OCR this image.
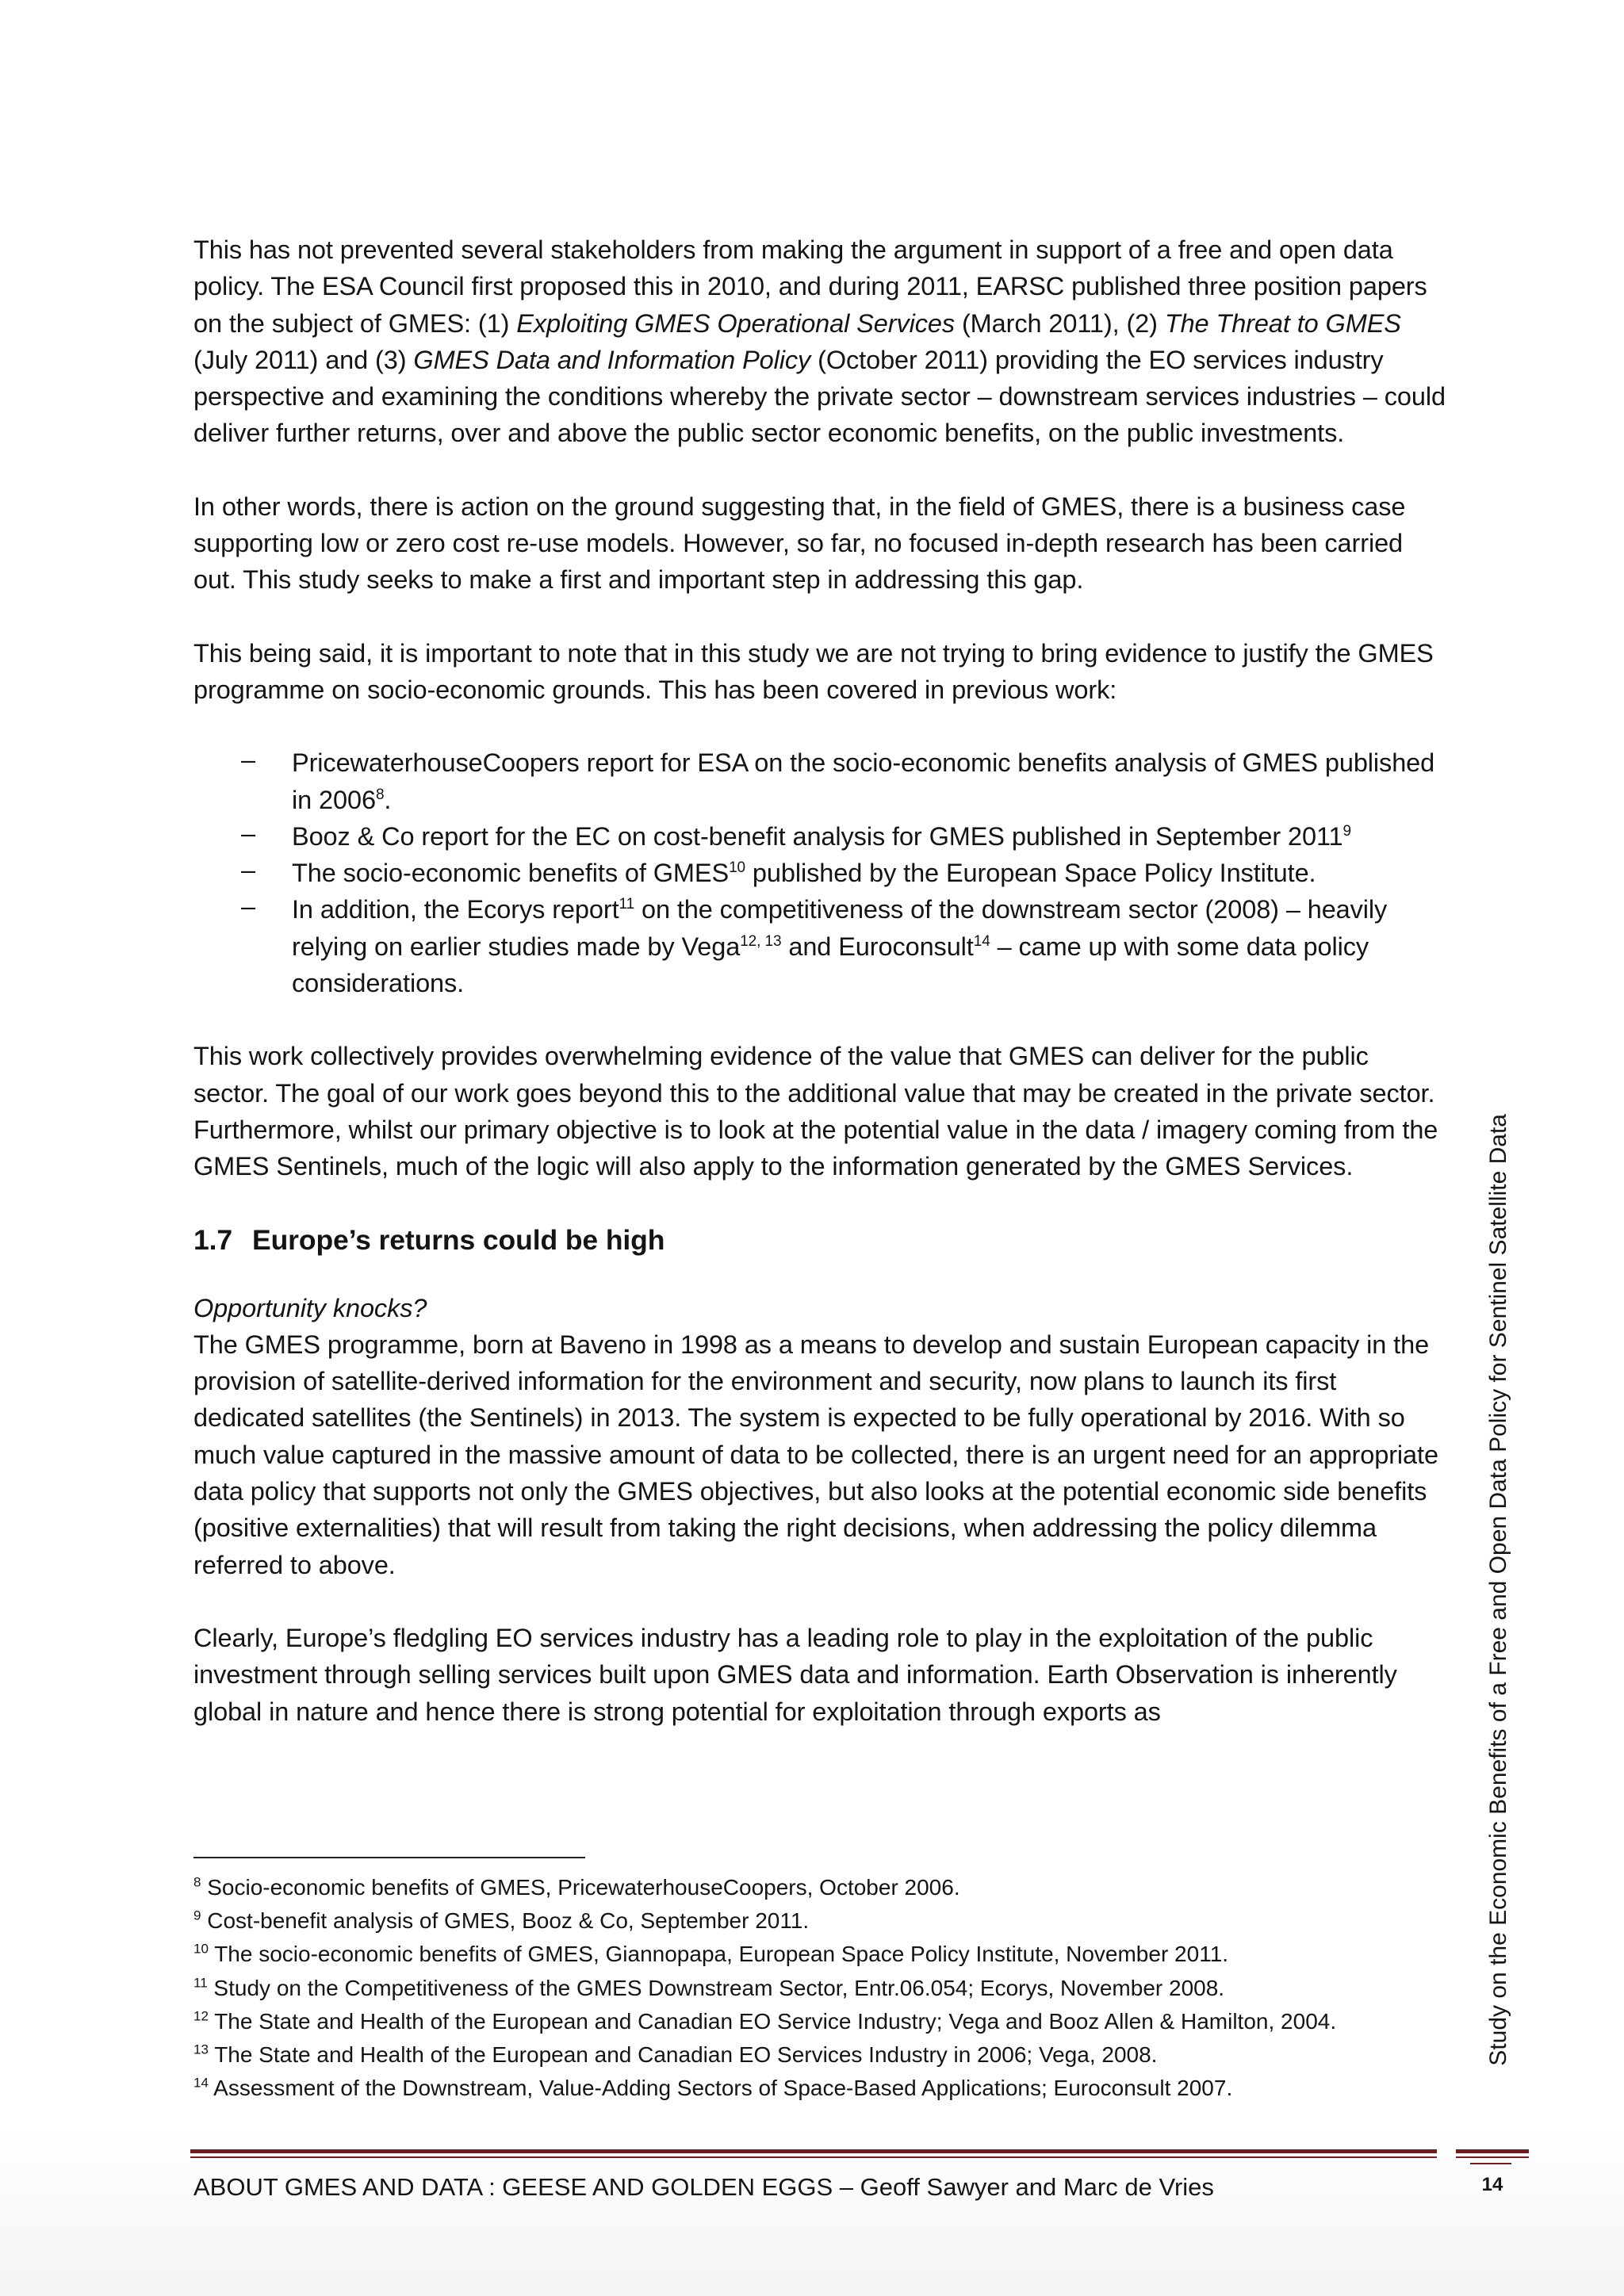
This has not prevented several stakeholders from making the argument in support of a free and open data policy. The ESA Council first proposed this in 2010, and during 2011, EARSC published three position papers on the subject of GMES: (1) Exploiting GMES Operational Services (March 2011), (2) The Threat to GMES (July 2011) and (3) GMES Data and Information Policy (October 2011) providing the EO services industry perspective and examining the conditions whereby the private sector – downstream services industries – could deliver further returns, over and above the public sector economic benefits, on the public investments.

In other words, there is action on the ground suggesting that, in the field of GMES, there is a business case supporting low or zero cost re-use models. However, so far, no focused in-depth research has been carried out. This study seeks to make a first and important step in addressing this gap.

This being said, it is important to note that in this study we are not trying to bring evidence to justify the GMES programme on socio-economic grounds. This has been covered in previous work:

– PricewaterhouseCoopers report for ESA on the socio-economic benefits analysis of GMES published in 2006$^8$.
– Booz & Co report for the EC on cost-benefit analysis for GMES published in September 2011$^9$
– The socio-economic benefits of GMES$^{10}$ published by the European Space Policy Institute.
– In addition, the Ecorys report$^{11}$ on the competitiveness of the downstream sector (2008) – heavily relying on earlier studies made by Vega$^{12, 13}$ and Euroconsult$^{14}$ – came up with some data policy considerations.

This work collectively provides overwhelming evidence of the value that GMES can deliver for the public sector. The goal of our work goes beyond this to the additional value that may be created in the private sector. Furthermore, whilst our primary objective is to look at the potential value in the data / imagery coming from the GMES Sentinels, much of the logic will also apply to the information generated by the GMES Services.

1.7 Europe’s returns could be high

Opportunity knocks?

The GMES programme, born at Baveno in 1998 as a means to develop and sustain European capacity in the provision of satellite-derived information for the environment and security, now plans to launch its first dedicated satellites (the Sentinels) in 2013. The system is expected to be fully operational by 2016. With so much value captured in the massive amount of data to be collected, there is an urgent need for an appropriate data policy that supports not only the GMES objectives, but also looks at the potential economic side benefits (positive externalities) that will result from taking the right decisions, when addressing the policy dilemma referred to above.

Clearly, Europe’s fledgling EO services industry has a leading role to play in the exploitation of the public investment through selling services built upon GMES data and information. Earth Observation is inherently global in nature and hence there is strong potential for exploitation through exports as

$^8$ Socio-economic benefits of GMES, PricewaterhouseCoopers, October 2006.

$^9$ Cost-benefit analysis of GMES, Booz & Co, September 2011.

$^{10}$ The socio-economic benefits of GMES, Giannopapa, European Space Policy Institute, November 2011.

$^{11}$ Study on the Competitiveness of the GMES Downstream Sector, Entr.06.054; Ecorys, November 2008.

$^{12}$ The State and Health of the European and Canadian EO Service Industry; Vega and Booz Allen & Hamilton, 2004.

$^{13}$ The State and Health of the European and Canadian EO Services Industry in 2006; Vega, 2008.

$^{14}$ Assessment of the Downstream, Value-Adding Sectors of Space-Based Applications; Euroconsult 2007.

Study on the Economic Benefits of a Free and Open Data Policy for Sentinel Satellite Data
ABOUT GMES AND DATA : GEESE AND GOLDEN EGGS – Geoff Sawyer and Marc de Vries	14
